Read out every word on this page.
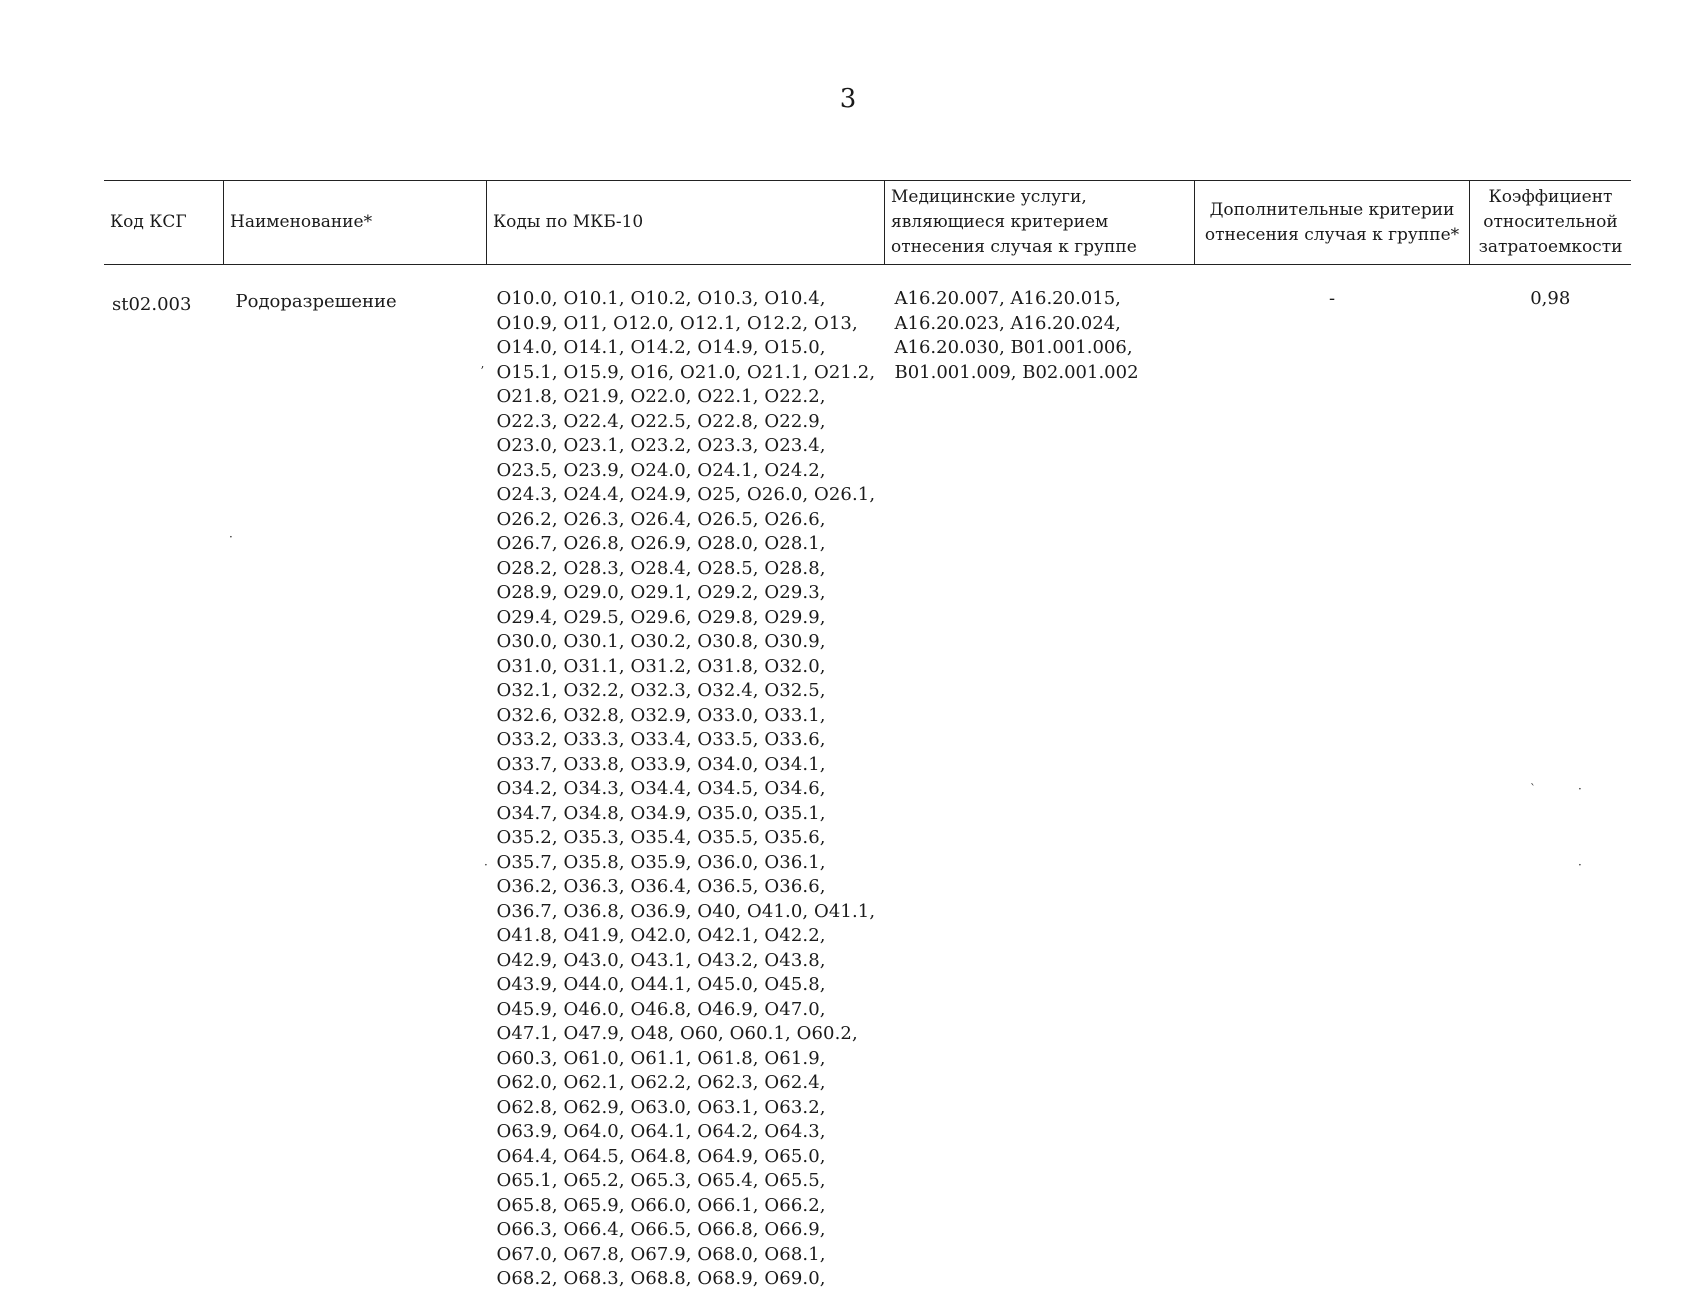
3
Код КСГ	Наименование*	Коды по МКБ-10	Медицинские услуги, являющиеся критерием отнесения случая к группе	Дополнительные критерии отнесения случая к группе*	Коэффициент относительной затратоемкости
st02.003	Родоразрешение	О10.0, О10.1, О10.2, О10.3, О10.4, О10.9, О11, О12.0, О12.1, О12.2, О13, О14.0, О14.1, О14.2, О14.9, О15.0, О15.1, О15.9, О16, О21.0, О21.1, О21.2, О21.8, О21.9, О22.0, О22.1, О22.2, О22.3, О22.4, О22.5, О22.8, О22.9, О23.0, О23.1, О23.2, О23.3, О23.4, О23.5, О23.9, О24.0, О24.1, О24.2, О24.3, О24.4, О24.9, О25, О26.0, О26.1, О26.2, О26.3, О26.4, О26.5, О26.6, О26.7, О26.8, О26.9, О28.0, О28.1, О28.2, О28.3, О28.4, О28.5, О28.8, О28.9, О29.0, О29.1, О29.2, О29.3, О29.4, О29.5, О29.6, О29.8, О29.9, О30.0, О30.1, О30.2, О30.8, О30.9, О31.0, О31.1, О31.2, О31.8, О32.0, О32.1, О32.2, О32.3, О32.4, О32.5, О32.6, О32.8, О32.9, О33.0, О33.1, О33.2, О33.3, О33.4, О33.5, О33.6, О33.7, О33.8, О33.9, О34.0, О34.1, О34.2, О34.3, О34.4, О34.5, О34.6, О34.7, О34.8, О34.9, О35.0, О35.1, О35.2, О35.3, О35.4, О35.5, О35.6, О35.7, О35.8, О35.9, О36.0, О36.1, О36.2, О36.3, О36.4, О36.5, О36.6, О36.7, О36.8, О36.9, О40, О41.0, О41.1, О41.8, О41.9, О42.0, О42.1, О42.2, О42.9, О43.0, О43.1, О43.2, О43.8, О43.9, О44.0, О44.1, О45.0, О45.8, О45.9, О46.0, О46.8, О46.9, О47.0, О47.1, О47.9, О48, О60, О60.1, О60.2, О60.3, О61.0, О61.1, О61.8, О61.9, О62.0, О62.1, О62.2, О62.3, О62.4, О62.8, О62.9, О63.0, О63.1, О63.2, О63.9, О64.0, О64.1, О64.2, О64.3, О64.4, О64.5, О64.8, О64.9, О65.0, О65.1, О65.2, О65.3, О65.4, О65.5, О65.8, О65.9, О66.0, О66.1, О66.2, О66.3, О66.4, О66.5, О66.8, О66.9, О67.0, О67.8, О67.9, О68.0, О68.1, О68.2, О68.3, О68.8, О68.9, О69.0,	A16.20.007, A16.20.015, A16.20.023, A16.20.024, A16.20.030, B01.001.006, B01.001.009, B02.001.002	-	0,98
ʼ
·
·
ˋ	·
·
